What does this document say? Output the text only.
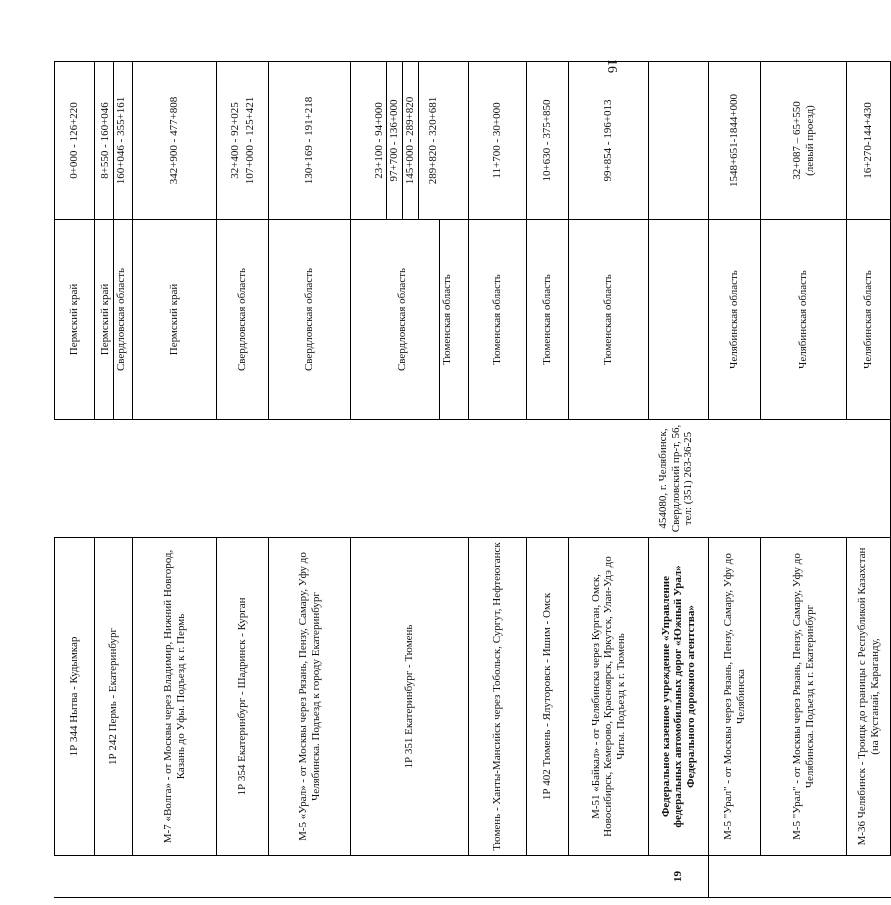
16
	1Р 344 Нытва - Кудымкар		Пермский край	0+000 - 126+220
	1Р 242 Пермь - Екатеринбург		Пермский край Свердловская область	8+550 - 160+046 160+046 - 355+161

	М-7 «Волга» - от Москвы через Владимир, Нижний Новгород, Казань до Уфы. Подъезд к г. Пермь		Пермский край	342+900 - 477+808
	1Р 354 Екатеринбург - Шадринск - Курган		Свердловская область	32+400 - 92+025 107+000 - 125+421

	М-5 «Урал» - от Москвы через Рязань, Пензу, Самару, Уфу до Челябинска. Подъезд к городу Екатеринбург		Свердловская область	130+169 - 191+218
	1Р 351 Екатеринбург - Тюмень		Свердловская область Тюменская область	23+100 - 94+000 97+700 - 136+000 145+000 - 289+820 289+820 - 320+681

	Тюмень - Ханты-Мансийск через Тобольск, Сургут, Нефтеюганск		Тюменская область	11+700 - 30+000
	1Р 402 Тюмень - Ялуторовск - Ишим - Омск		Тюменская область	10+630 - 375+850
	М-51 «Байкал» - от Челябинска через Курган, Омск, Новосибирск, Кемерово, Красноярск, Иркутск, Улан-Удэ до Читы. Подъезд к г. Тюмень		Тюменская область	99+854 - 196+013
19	Федеральное казенное учреждение «Управление федеральных автомобильных дорог «Южный Урал» Федерального дорожного агентства»	454080, г. Челябинск, Свердловский пр-т, 56, тел: (351) 263-36-25		
	М-5 "Урал" - от Москвы через Рязань, Пензу, Самару, Уфу до Челябинска		Челябинская область	1548+651-1844+000
	М-5 "Урал" - от Москвы через Рязань, Пензу, Самару, Уфу до Челябинска. Подъезд к г. Екатеринбург		Челябинская область	32+087 – 65+550 (левый проезд)

	М-36 Челябинск - Троицк до границы с Республикой Казахстан (на Кустанай, Караганду,		Челябинская область	16+270-144+430
